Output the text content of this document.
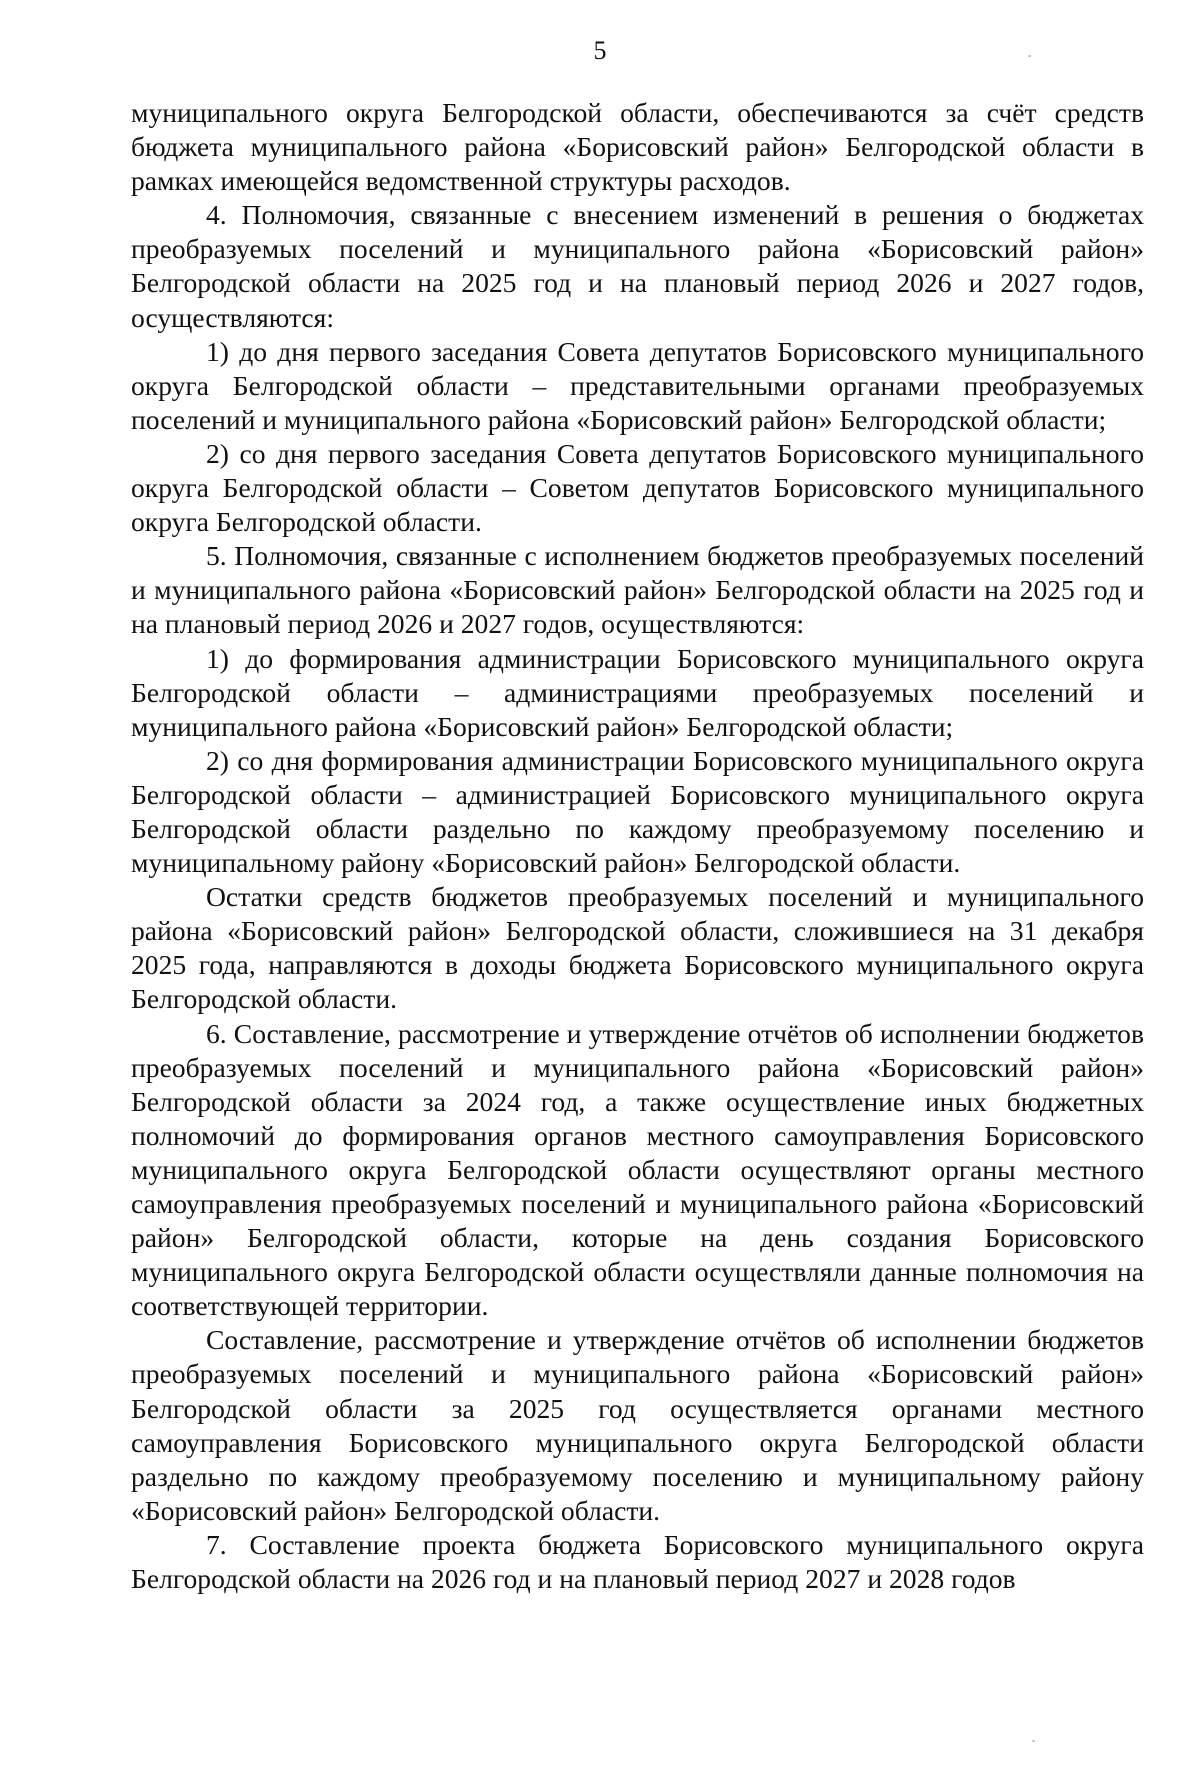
5

муниципального округа Белгородской области, обеспечиваются за счёт средств бюджета муниципального района «Борисовский район» Белгородской области в рамках имеющейся ведомственной структуры расходов.

4. Полномочия, связанные с внесением изменений в решения о бюджетах преобразуемых поселений и муниципального района «Борисовский район» Белгородской области на 2025 год и на плановый период 2026 и 2027 годов, осуществляются:

1) до дня первого заседания Совета депутатов Борисовского муниципального округа Белгородской области – представительными органами преобразуемых поселений и муниципального района «Борисовский район» Белгородской области;

2) со дня первого заседания Совета депутатов Борисовского муниципального округа Белгородской области – Советом депутатов Борисовского муниципального округа Белгородской области.

5. Полномочия, связанные с исполнением бюджетов преобразуемых поселений и муниципального района «Борисовский район» Белгородской области на 2025 год и на плановый период 2026 и 2027 годов, осуществляются:

1) до формирования администрации Борисовского муниципального округа Белгородской области – администрациями преобразуемых поселений и муниципального района «Борисовский район» Белгородской области;

2) со дня формирования администрации Борисовского муниципального округа Белгородской области – администрацией Борисовского муниципального округа Белгородской области раздельно по каждому преобразуемому поселению и муниципальному району «Борисовский район» Белгородской области.

Остатки средств бюджетов преобразуемых поселений и муниципального района «Борисовский район» Белгородской области, сложившиеся на 31 декабря 2025 года, направляются в доходы бюджета Борисовского муниципального округа Белгородской области.

6. Составление, рассмотрение и утверждение отчётов об исполнении бюджетов преобразуемых поселений и муниципального района «Борисовский район» Белгородской области за 2024 год, а также осуществление иных бюджетных полномочий до формирования органов местного самоуправления Борисовского муниципального округа Белгородской области осуществляют органы местного самоуправления преобразуемых поселений и муниципального района «Борисовский район» Белгородской области, которые на день создания Борисовского муниципального округа Белгородской области осуществляли данные полномочия на соответствующей территории.

Составление, рассмотрение и утверждение отчётов об исполнении бюджетов преобразуемых поселений и муниципального района «Борисовский район» Белгородской области за 2025 год осуществляется органами местного самоуправления Борисовского муниципального округа Белгородской области раздельно по каждому преобразуемому поселению и муниципальному району «Борисовский район» Белгородской области.

7. Составление проекта бюджета Борисовского муниципального округа Белгородской области на 2026 год и на плановый период 2027 и 2028 годов
